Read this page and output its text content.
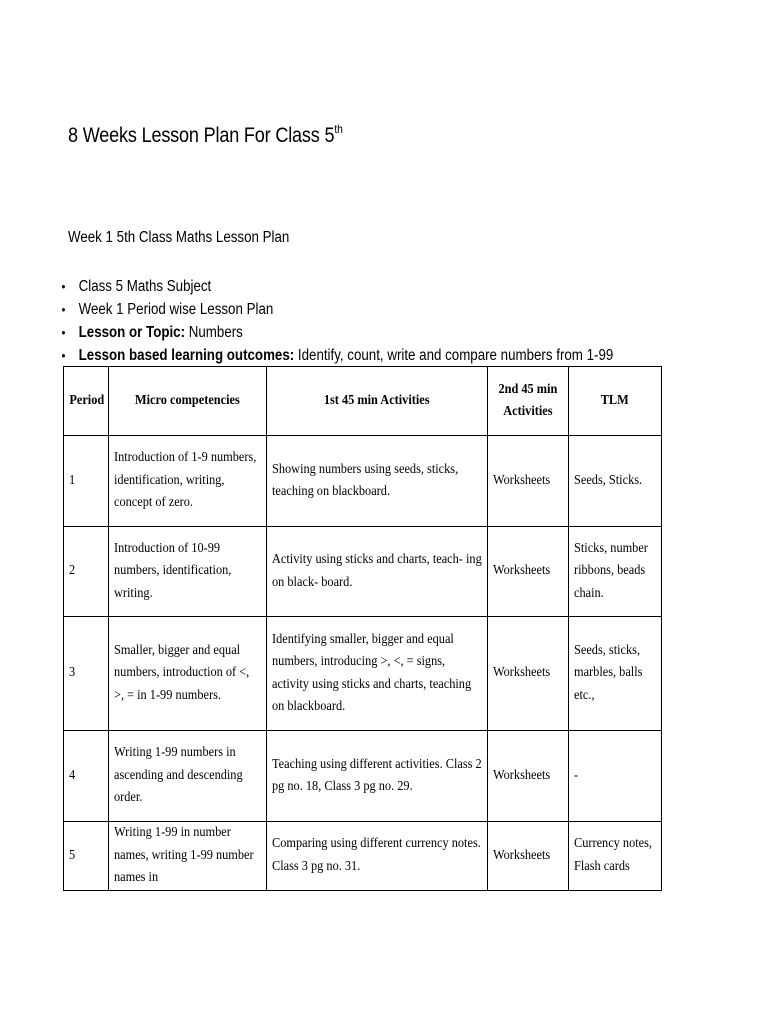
8 Weeks Lesson Plan For Class 5th
Week 1 5th Class Maths Lesson Plan
• Class 5 Maths Subject
• Week 1 Period wise Lesson Plan
• Lesson or Topic: Numbers
• Lesson based learning outcomes: Identify, count, write and compare numbers from 1-99
Period	Micro competencies	1st 45 min Activities	2nd 45 min Activities	TLM

1	Introduction of 1-9 numbers, identification, writing, concept of zero.	Showing numbers using seeds, sticks, teaching on blackboard.	Worksheets	Seeds, Sticks.

2	Introduction of 10-99 numbers, identification, writing.	Activity using sticks and charts, teach- ing on black- board.	Worksheets	Sticks, number ribbons, beads chain.

3	Smaller, bigger and equal numbers, introduction of <, >, = in 1-99 numbers.	Identifying smaller, bigger and equal numbers, introducing >, <, = signs, activity using sticks and charts, teaching on blackboard.	Worksheets	Seeds, sticks, marbles, balls etc.,

4	Writing 1-99 numbers in ascending and descending order.	Teaching using different activities. Class 2 pg no. 18, Class 3 pg no. 29.	Worksheets	-

5	Writing 1-99 in number names, writing 1-99 number names in	Comparing using different currency notes. Class 3 pg no. 31.	Worksheets	Currency notes, Flash cards
